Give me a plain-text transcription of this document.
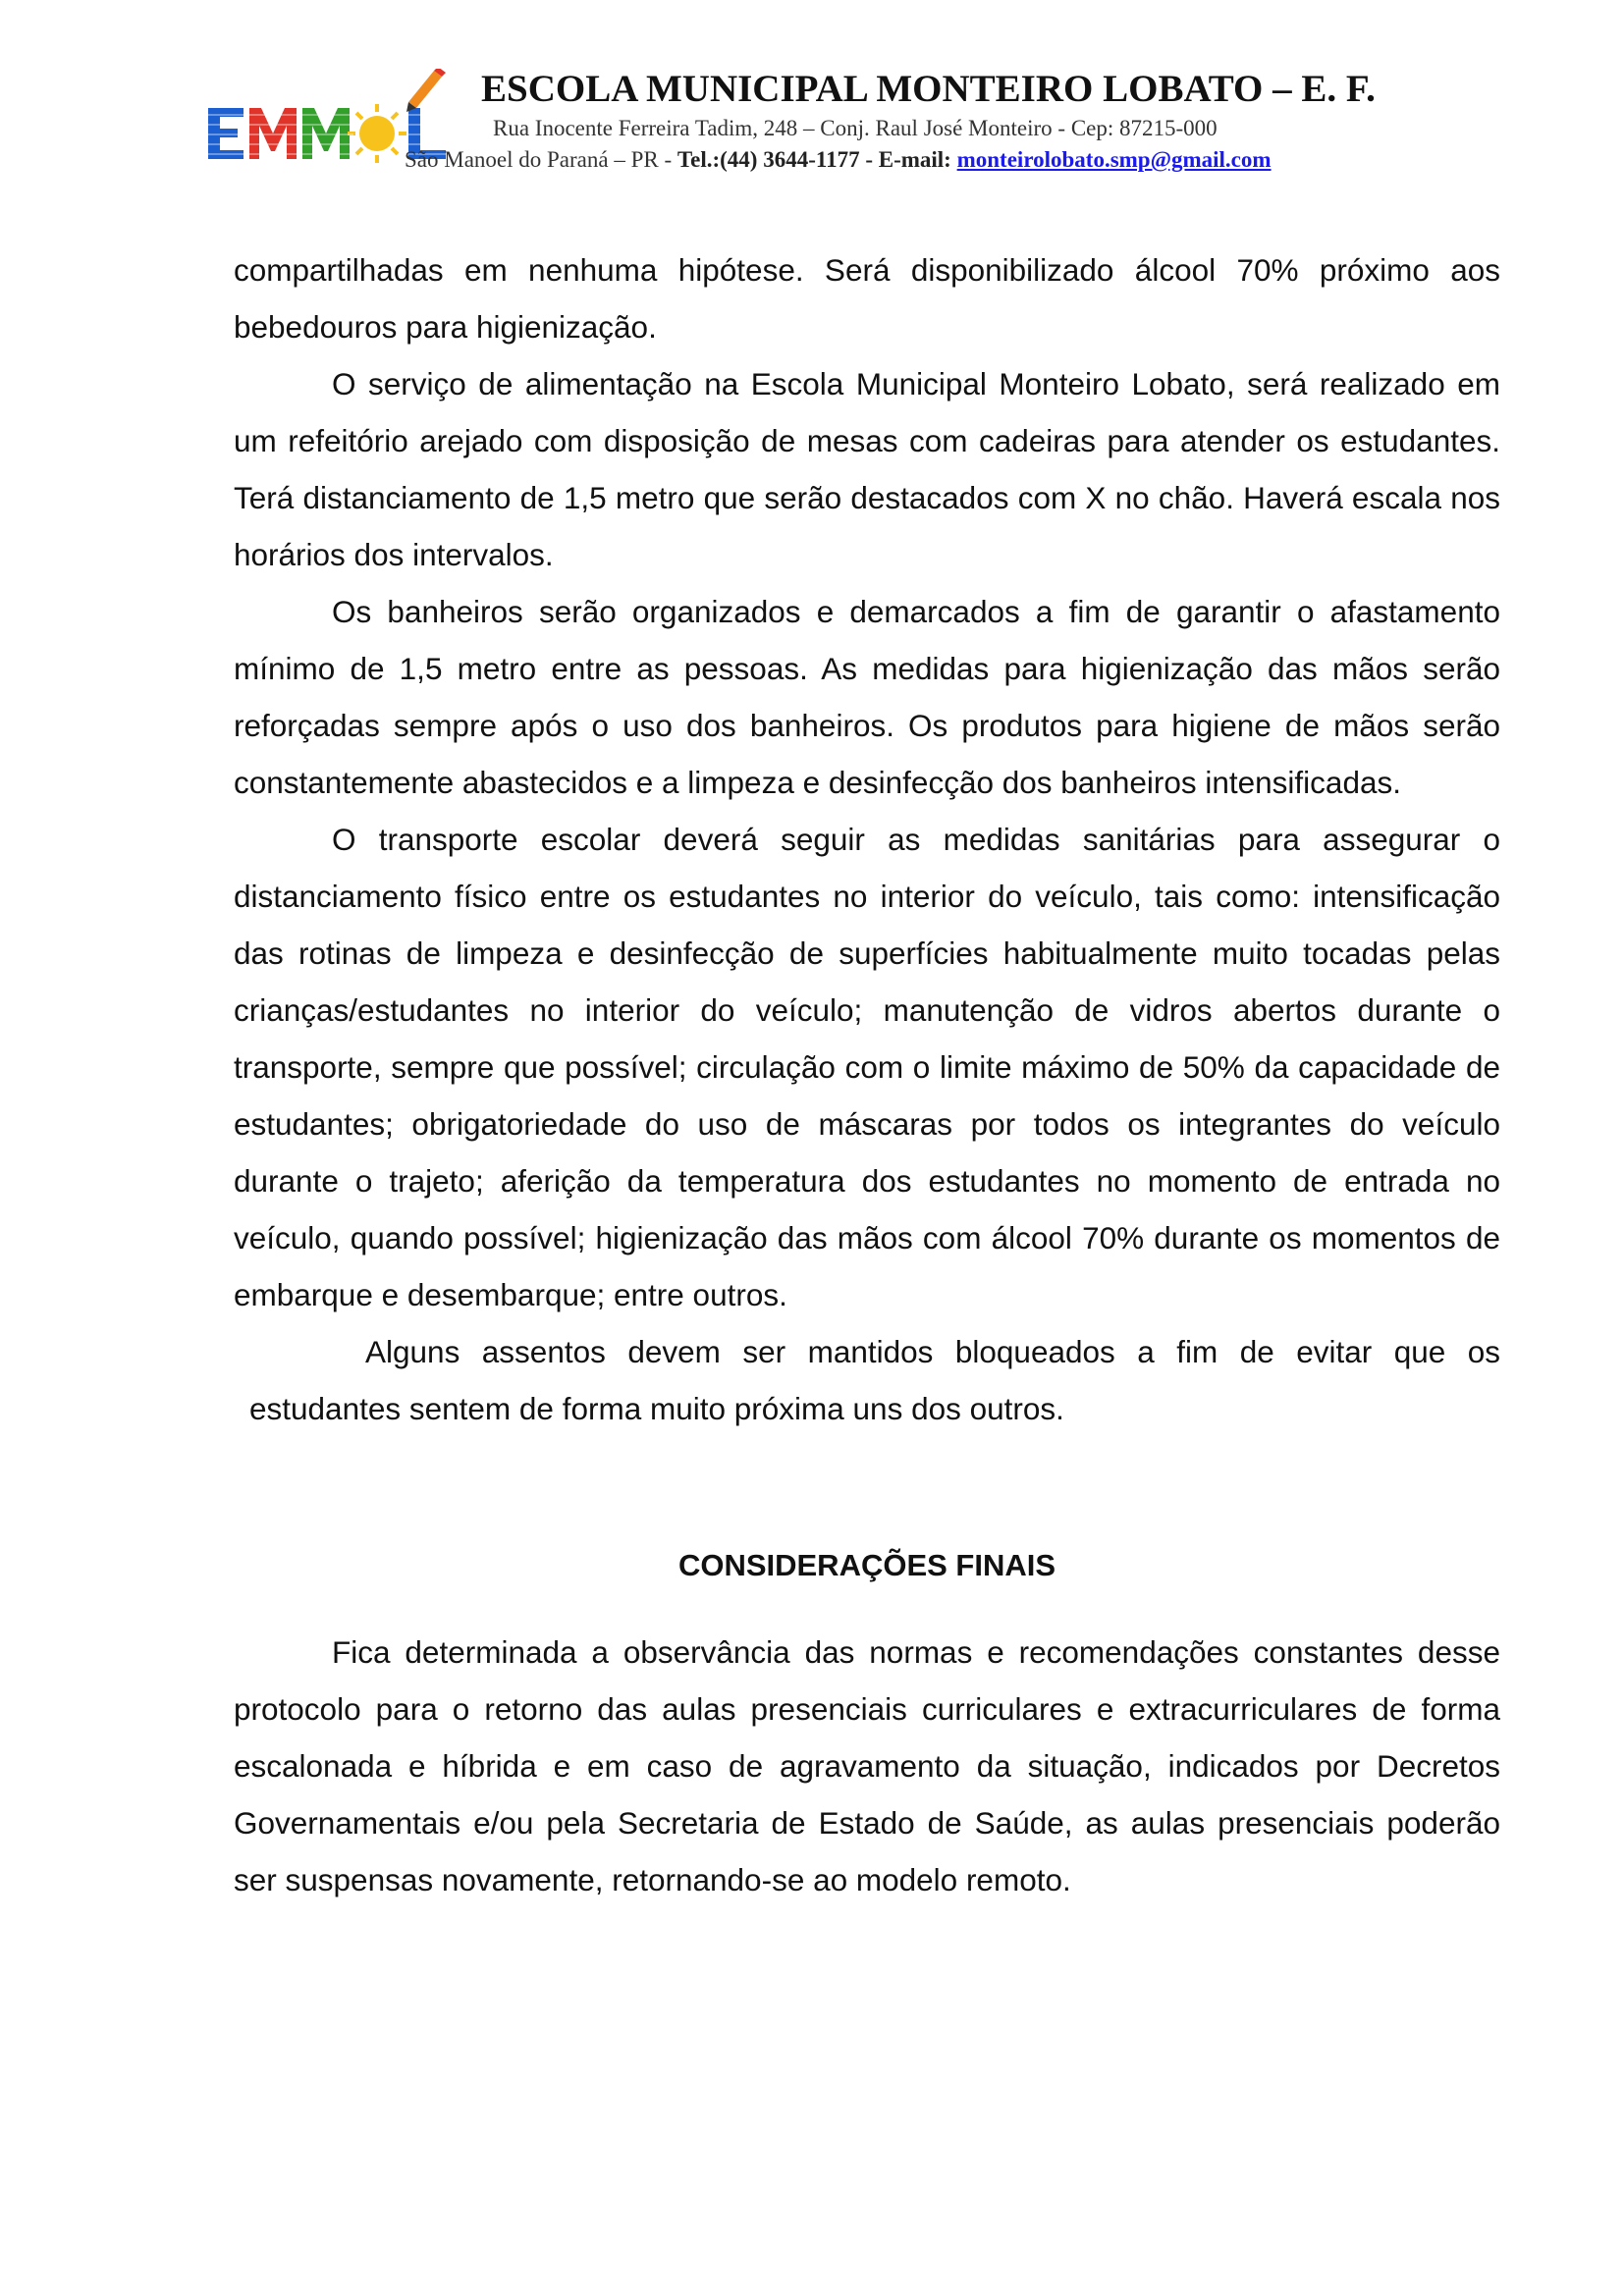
ESCOLA MUNICIPAL MONTEIRO LOBATO – E. F.
Rua Inocente Ferreira Tadim, 248 – Conj. Raul José Monteiro - Cep: 87215-000
São Manoel do Paraná – PR - Tel.:(44) 3644-1177 - E-mail: monteirolobato.smp@gmail.com

compartilhadas em nenhuma hipótese. Será disponibilizado álcool 70% próximo aos bebedouros para higienização.

O serviço de alimentação na Escola Municipal Monteiro Lobato, será realizado em um refeitório arejado com disposição de mesas com cadeiras para atender os estudantes. Terá distanciamento de 1,5 metro que serão destacados com X no chão. Haverá escala nos horários dos intervalos.

Os banheiros serão organizados e demarcados a fim de garantir o afastamento mínimo de 1,5 metro entre as pessoas. As medidas para higienização das mãos serão reforçadas sempre após o uso dos banheiros. Os produtos para higiene de mãos serão constantemente abastecidos e a limpeza e desinfecção dos banheiros intensificadas.

O transporte escolar deverá seguir as medidas sanitárias para assegurar o distanciamento físico entre os estudantes no interior do veículo, tais como: intensificação das rotinas de limpeza e desinfecção de superfícies habitualmente muito tocadas pelas crianças/estudantes no interior do veículo; manutenção de vidros abertos durante o transporte, sempre que possível; circulação com o limite máximo de 50% da capacidade de estudantes; obrigatoriedade do uso de máscaras por todos os integrantes do veículo durante o trajeto; aferição da temperatura dos estudantes no momento de entrada no veículo, quando possível; higienização das mãos com álcool 70% durante os momentos de embarque e desembarque; entre outros.

Alguns assentos devem ser mantidos bloqueados a fim de evitar que os estudantes sentem de forma muito próxima uns dos outros.

CONSIDERAÇÕES FINAIS

Fica determinada a observância das normas e recomendações constantes desse protocolo para o retorno das aulas presenciais curriculares e extracurriculares de forma escalonada e híbrida e em caso de agravamento da situação, indicados por Decretos Governamentais e/ou pela Secretaria de Estado de Saúde, as aulas presenciais poderão ser suspensas novamente, retornando-se ao modelo remoto.
